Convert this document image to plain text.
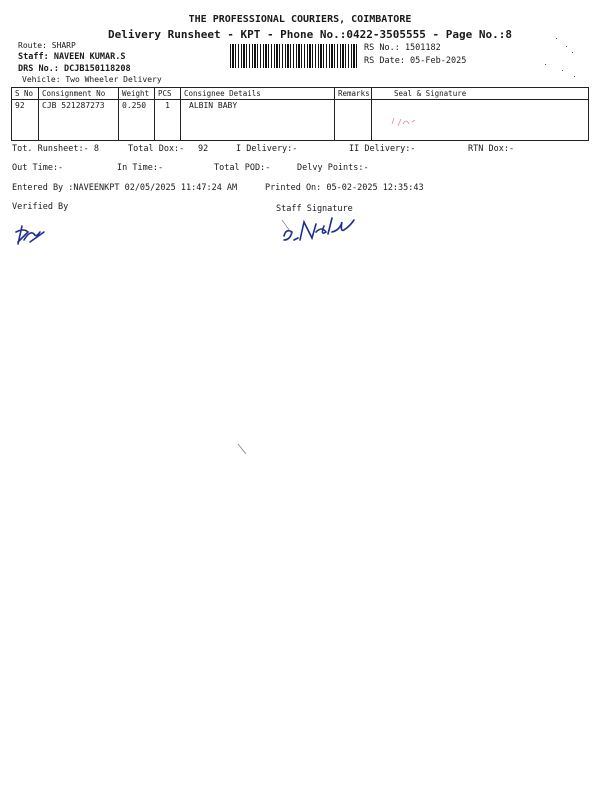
THE PROFESSIONAL COURIERS, COIMBATORE
Delivery Runsheet - KPT - Phone No.:0422-3505555 - Page No.:8
Route: SHARP
Staff: NAVEEN KUMAR.S
DRS No.: DCJB150118208
Vehicle: Two Wheeler Delivery
RS No.: 1501182
RS Date: 05-Feb-2025
S No	Consignment No	Weight	PCS	Consignee Details	Remarks	Seal & Signature
92	CJB 521287273	0.250	1	ALBIN BABY		
Tot. Runsheet:- 8	Total Dox:- 92	I Delivery:-	II Delivery:-	RTN Dox:-
Out Time:-	In Time:-	Total POD:-	Delvy Points:-
Entered By :NAVEENKPT 02/05/2025 11:47:24 AM	Printed On: 05-02-2025 12:35:43
Verified By	Staff Signature
